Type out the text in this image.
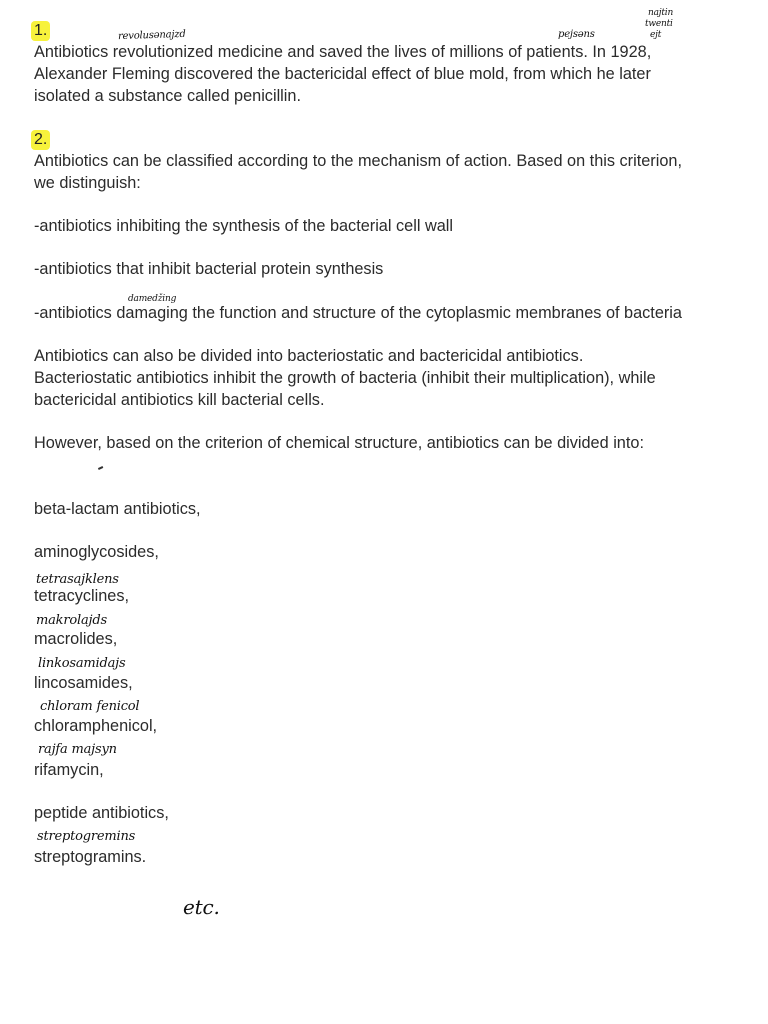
1.

Antibiotics revolutionized medicine and saved the lives of millions of patients. In 1928,

Alexander Fleming discovered the bactericidal effect of blue mold, from which he later

isolated a substance called penicillin.

2.

Antibiotics can be classified according to the mechanism of action. Based on this criterion,

we distinguish:

-antibiotics inhibiting the synthesis of the bacterial cell wall

-antibiotics that inhibit bacterial protein synthesis

-antibiotics damaging the function and structure of the cytoplasmic membranes of bacteria

Antibiotics can also be divided into bacteriostatic and bactericidal antibiotics.

Bacteriostatic antibiotics inhibit the growth of bacteria (inhibit their multiplication), while

bactericidal antibiotics kill bacterial cells.

However, based on the criterion of chemical structure, antibiotics can be divided into:

beta-lactam antibiotics,

aminoglycosides,

tetracyclines,

macrolides,

lincosamides,

chloramphenicol,

rifamycin,

peptide antibiotics,

streptogramins.

revolusənajzd	pejsəns
najtin
twenti
ejt
damedžing
tetrasajklens
makrolajds
linkosamidajs
chloram fenicol
rajfa majsyn
streptogremins
etc.
